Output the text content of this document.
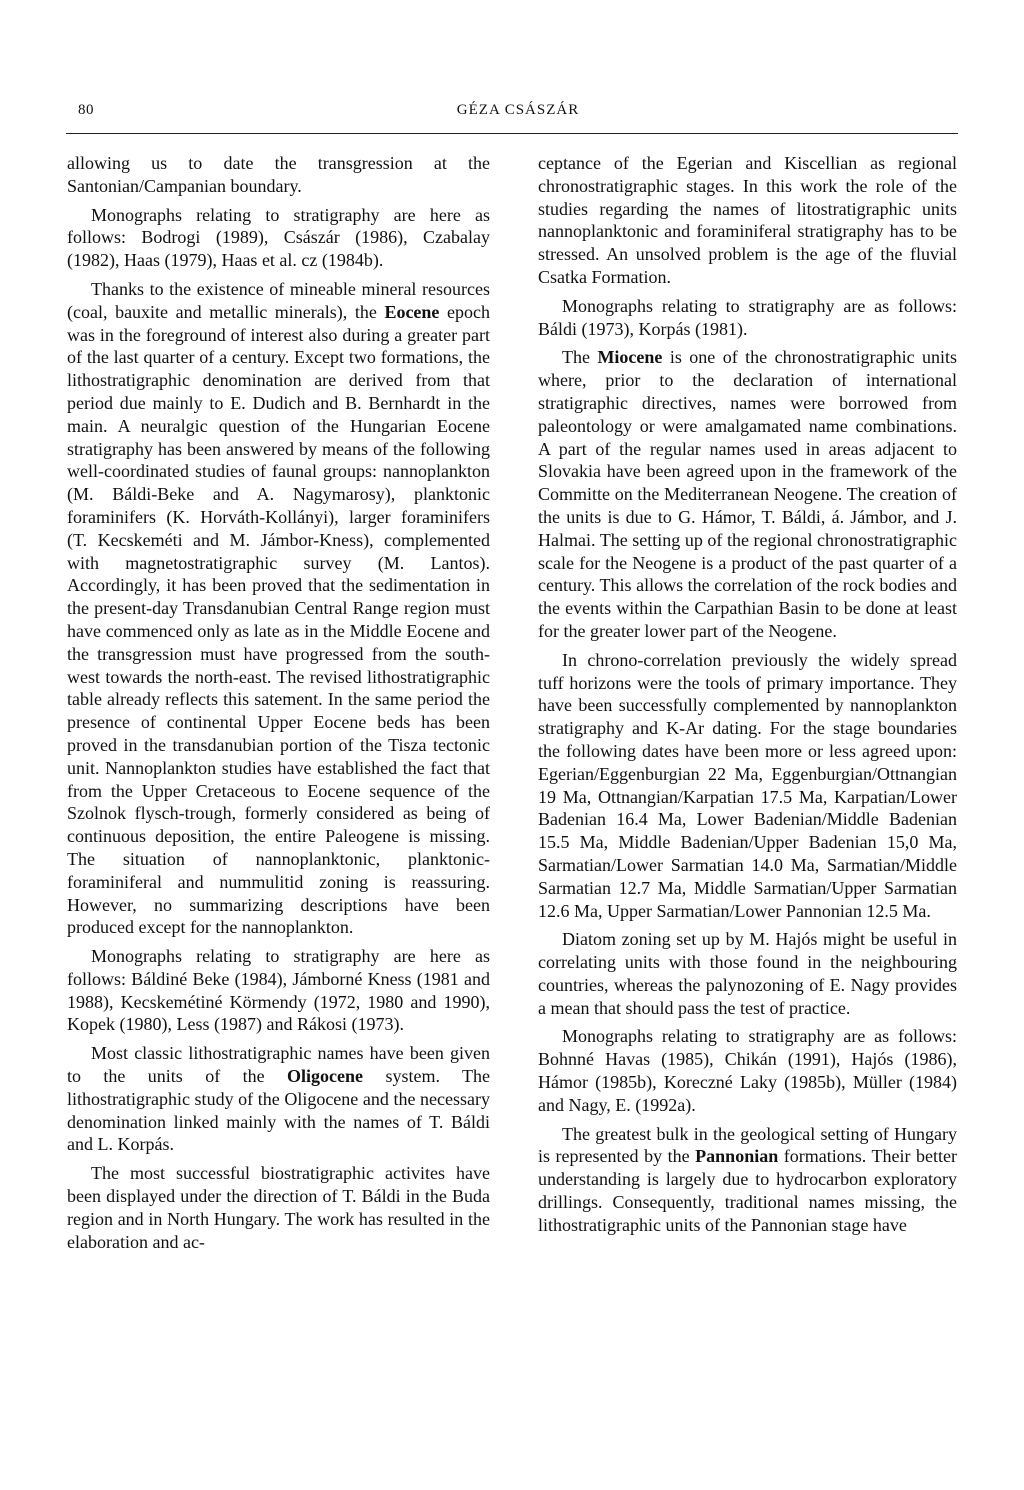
80	GÉZA CSÁSZÁR

allowing us to date the transgression at the Santonian/Campanian boundary.

Monographs relating to stratigraphy are here as follows: Bodrogi (1989), Császár (1986), Czabalay (1982), Haas (1979), Haas et al. cz (1984b).

Thanks to the existence of mineable mineral resources (coal, bauxite and metallic minerals), the Eocene epoch was in the foreground of interest also during a greater part of the last quarter of a century. Except two formations, the lithostratigraphic denomination are derived from that period due mainly to E. Dudich and B. Bernhardt in the main. A neuralgic question of the Hungarian Eocene stratigraphy has been answered by means of the following well-coordinated studies of faunal groups: nannoplankton (M. Báldi-Beke and A. Nagymarosy), planktonic foraminifers (K. Horváth-Kollányi), larger foraminifers (T. Kecskeméti and M. Jámbor-Kness), complemented with magnetostratigraphic survey (M. Lantos). Accordingly, it has been proved that the sedimentation in the present-day Transdanubian Central Range region must have commenced only as late as in the Middle Eocene and the transgression must have progressed from the south-west towards the north-east. The revised lithostratigraphic table already reflects this satement. In the same period the presence of continental Upper Eocene beds has been proved in the transdanubian portion of the Tisza tectonic unit. Nannoplankton studies have established the fact that from the Upper Cretaceous to Eocene sequence of the Szolnok flysch-trough, formerly considered as being of continuous deposition, the entire Paleogene is missing. The situation of nannoplanktonic, planktonic-foraminiferal and nummulitid zoning is reassuring. However, no summarizing descriptions have been produced except for the nannoplankton.

Monographs relating to stratigraphy are here as follows: Báldiné Beke (1984), Jámborné Kness (1981 and 1988), Kecskemétiné Körmendy (1972, 1980 and 1990), Kopek (1980), Less (1987) and Rákosi (1973).

Most classic lithostratigraphic names have been given to the units of the Oligocene system. The lithostratigraphic study of the Oligocene and the necessary denomination linked mainly with the names of T. Báldi and L. Korpás.

The most successful biostratigraphic activites have been displayed under the direction of T. Báldi in the Buda region and in North Hungary. The work has resulted in the elaboration and ac-

ceptance of the Egerian and Kiscellian as regional chronostratigraphic stages. In this work the role of the studies regarding the names of litostratigraphic units nannoplanktonic and foraminiferal stratigraphy has to be stressed. An unsolved problem is the age of the fluvial Csatka Formation.

Monographs relating to stratigraphy are as follows: Báldi (1973), Korpás (1981).

The Miocene is one of the chronostratigraphic units where, prior to the declaration of international stratigraphic directives, names were borrowed from paleontology or were amalgamated name combinations. A part of the regular names used in areas adjacent to Slovakia have been agreed upon in the framework of the Committe on the Mediterranean Neogene. The creation of the units is due to G. Hámor, T. Báldi, á. Jámbor, and J. Halmai. The setting up of the regional chronostratigraphic scale for the Neogene is a product of the past quarter of a century. This allows the correlation of the rock bodies and the events within the Carpathian Basin to be done at least for the greater lower part of the Neogene.

In chrono-correlation previously the widely spread tuff horizons were the tools of primary importance. They have been successfully complemented by nannoplankton stratigraphy and K-Ar dating. For the stage boundaries the following dates have been more or less agreed upon: Egerian/Eggenburgian 22 Ma, Eggenburgian/Ottnangian 19 Ma, Ottnangian/Karpatian 17.5 Ma, Karpatian/Lower Badenian 16.4 Ma, Lower Badenian/Middle Badenian 15.5 Ma, Middle Badenian/Upper Badenian 15,0 Ma, Sarmatian/Lower Sarmatian 14.0 Ma, Sarmatian/Middle Sarmatian 12.7 Ma, Middle Sarmatian/Upper Sarmatian 12.6 Ma, Upper Sarmatian/Lower Pannonian 12.5 Ma.

Diatom zoning set up by M. Hajós might be useful in correlating units with those found in the neighbouring countries, whereas the palynozoning of E. Nagy provides a mean that should pass the test of practice.

Monographs relating to stratigraphy are as follows: Bohnné Havas (1985), Chikán (1991), Hajós (1986), Hámor (1985b), Koreczné Laky (1985b), Müller (1984) and Nagy, E. (1992a).

The greatest bulk in the geological setting of Hungary is represented by the Pannonian formations. Their better understanding is largely due to hydrocarbon exploratory drillings. Consequently, traditional names missing, the lithostratigraphic units of the Pannonian stage have
